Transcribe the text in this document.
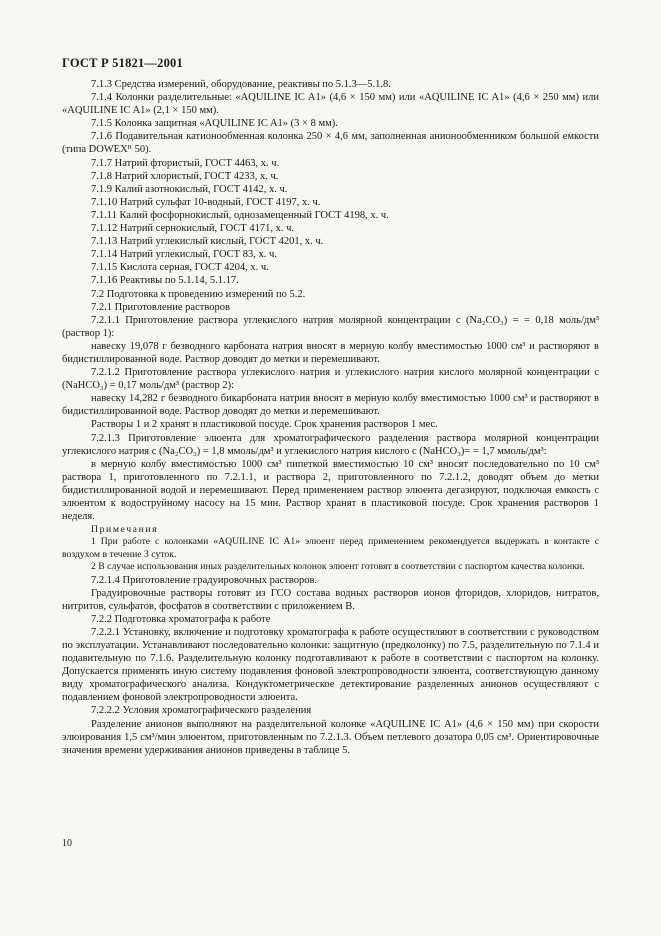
ГОСТ Р 51821—2001

7.1.3 Средства измерений, оборудование, реактивы по 5.1.3—5.1.8.

7.1.4 Колонки разделительные: «AQUILINE IC A1» (4,6 × 150 мм) или «AQUILINE IC A1» (4,6 × 250 мм) или «AQUILINE IC A1» (2,1 × 150 мм).

7.1.5 Колонка защитная «AQUILINE IC A1» (3 × 8 мм).

7.1.6 Подавительная катионообменная колонка 250 × 4,6 мм, заполненная анионообменником большой емкости (типа DOWEXᴿ 50).

7.1.7 Натрий фтористый, ГОСТ 4463, х. ч.

7.1.8 Натрий хлористый, ГОСТ 4233, х. ч.

7.1.9 Калий азотнокислый, ГОСТ 4142, х. ч.

7.1.10 Натрий сульфат 10-водный, ГОСТ 4197, х. ч.

7.1.11 Калий фосфорнокислый, однозамещенный ГОСТ 4198, х. ч.

7.1.12 Натрий сернокислый, ГОСТ 4171, х. ч.

7.1.13 Натрий углекислый кислый, ГОСТ 4201, х. ч.

7.1.14 Натрий углекислый, ГОСТ 83, х. ч.

7.1.15 Кислота серная, ГОСТ 4204, х. ч.

7.1.16 Реактивы по 5.1.14, 5.1.17.

7.2 Подготовка к проведению измерений по 5.2.

7.2.1 Приготовление растворов

7.2.1.1 Приготовление раствора углекислого натрия молярной концентрации с (Na₂CO₃) = = 0,18 моль/дм³ (раствор 1):

навеску 19,078 г безводного карбоната натрия вносят в мерную колбу вместимостью 1000 см³ и растворяют в бидистиллированной воде. Раствор доводят до метки и перемешивают.

7.2.1.2 Приготовление раствора углекислого натрия и углекислого натрия кислого молярной концентрации с (NaHCO₃) = 0,17 моль/дм³ (раствор 2):

навеску 14,282 г безводного бикарбоната натрия вносят в мерную колбу вместимостью 1000 см³ и растворяют в бидистиллированной воде. Раствор доводят до метки и перемешивают.

Растворы 1 и 2 хранят в пластиковой посуде. Срок хранения растворов 1 мес.

7.2.1.3 Приготовление элюента для хроматографического разделения раствора молярной концентрации углекислого натрия с (Na₂CO₃) = 1,8 ммоль/дм³ и углекислого натрия кислого с (NaHCO₃)= = 1,7 ммоль/дм³:

в мерную колбу вместимостью 1000 см³ пипеткой вместимостью 10 см³ вносят последовательно по 10 см³ раствора 1, приготовленного по 7.2.1.1, и раствора 2, приготовленного по 7.2.1.2, доводят объем до метки бидистиллированной водой и перемешивают. Перед применением раствор элюента дегазируют, подключая емкость с элюентом к водоструйному насосу на 15 мин. Раствор хранят в пластиковой посуде. Срок хранения растворов 1 неделя.

Примечания

1 При работе с колонками «AQUILINE IC A1» элюент перед применением рекомендуется выдержать в контакте с воздухом в течение 3 суток.

2 В случае использования иных разделительных колонок элюент готовят в соответствии с паспортом качества колонки.

7.2.1.4 Приготовление градуировочных растворов.

Градуировочные растворы готовят из ГСО состава водных растворов ионов фторидов, хлоридов, нитратов, нитритов, сульфатов, фосфатов в соответствии с приложением В.

7.2.2 Подготовка хроматографа к работе

7.2.2.1 Установку, включение и подготовку хроматографа к работе осуществляют в соответствии с руководством по эксплуатации. Устанавливают последовательно колонки: защитную (предколонку) по 7.5, разделительную по 7.1.4 и подавительную по 7.1.6. Разделительную колонку подготавливают к работе в соответствии с паспортом на колонку. Допускается применять иную систему подавления фоновой электропроводности элюента, соответствующую данному виду хроматографического анализа. Кондуктометрическое детектирование разделенных анионов осуществляют с подавлением фоновой электропроводности элюента.

7.2.2.2 Условия хроматографического разделения

Разделение анионов выполняют на разделительной колонке «AQUILINE IC A1» (4,6 × 150 мм) при скорости элюирования 1,5 см³/мин элюентом, приготовленным по 7.2.1.3. Объем петлевого дозатора 0,05 см³. Ориентировочные значения времени удерживания анионов приведены в таблице 5.

10
